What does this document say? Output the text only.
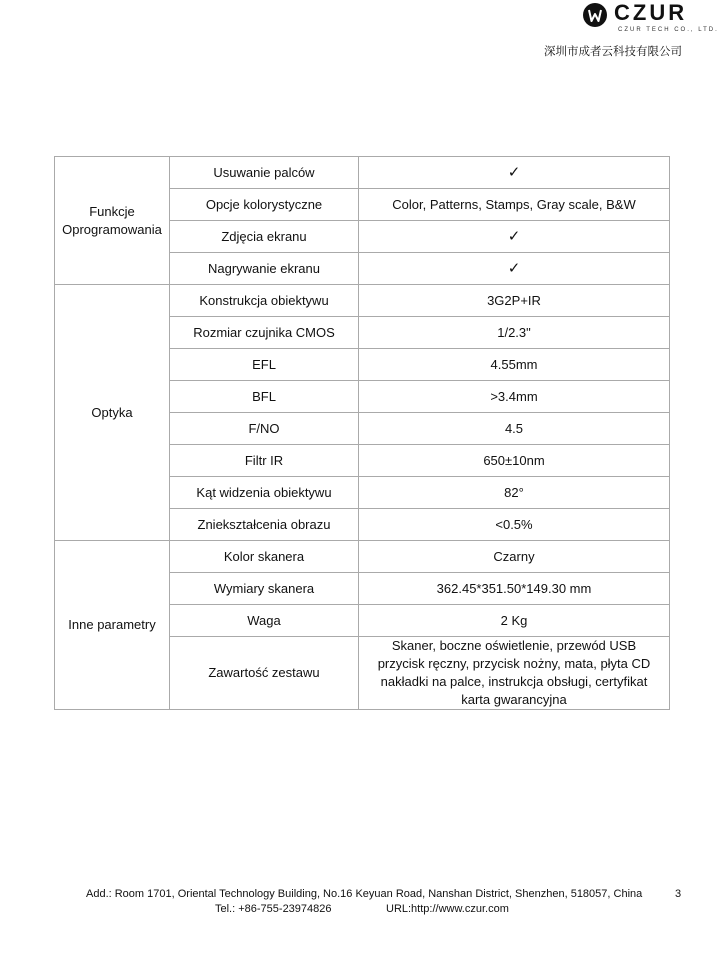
CZUR
CZUR TECH CO., LTD.
深圳市成者云科技有限公司
Funkcje
Oprogramowania	Usuwanie palców	✓
	Opcje kolorystyczne	Color, Patterns, Stamps, Gray scale, B&W
	Zdjęcia ekranu	✓
	Nagrywanie ekranu	✓

Optyka	Konstrukcja obiektywu	3G2P+IR
	Rozmiar czujnika CMOS	1/2.3"
	EFL	4.55mm
	BFL	>3.4mm
	F/NO	4.5
	Filtr IR	650±10nm
	Kąt widzenia obiektywu	82°
	Zniekształcenia obrazu	<0.5%

Inne parametry	Kolor skanera	Czarny
	Wymiary skanera	362.45*351.50*149.30 mm
	Waga	2 Kg
	Zawartość zestawu	Skaner, boczne oświetlenie, przewód USB
przycisk ręczny, przycisk nożny, mata, płyta CD
nakładki na palce, instrukcja obsługi, certyfikat
karta gwarancyjna
Add.: Room 1701, Oriental Technology Building, No.16 Keyuan Road, Nanshan District, Shenzhen, 518057, China	3
Tel.: +86-755-23974826	URL:http://www.czur.com
